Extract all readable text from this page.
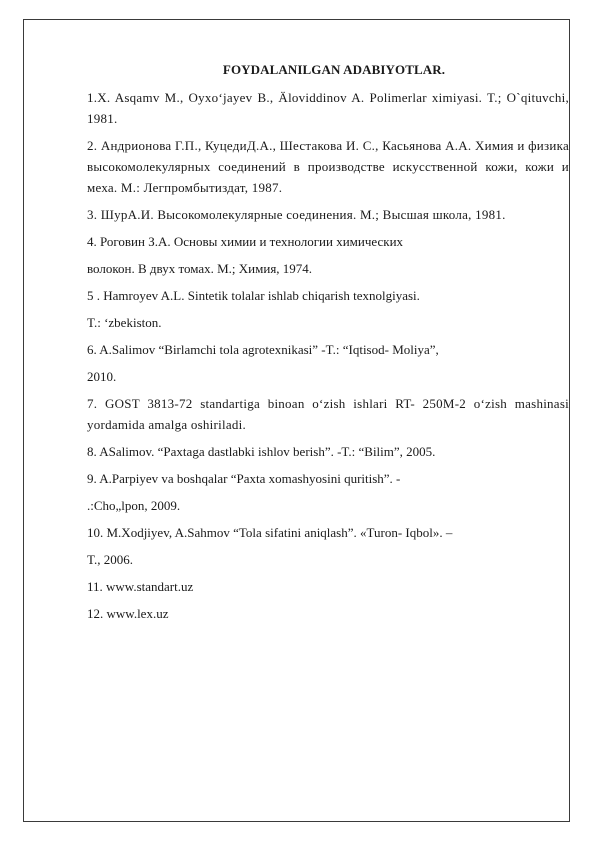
FOYDALANILGAN ADABIYOTLAR.

1.X. Asqamv M., Oyxo‘jayev B., Äloviddinov A. Polimerlar ximiyasi. T.; O`qituvchi, 1981.

2. Андрионова Г.П., КуцедиД.А., Шестакова И. С., Касьянова А.А. Химия и физика высокомолекулярных соединений в производстве искусственной кожи, кожи и меха. М.: Легпромбытиздат, 1987.

3. ШурА.И. Высокомолекулярные соединения. М.; Высшая школа, 1981.

4. Роговин З.А. Основы химии и технологии химических

волокон. В двух томах. М.; Химия, 1974.

5 . Hamroyev A.L. Sintetik tolalar ishlab chiqarish texnolgiyasi.

T.: ‘zbekiston.

6. A.Salimov “Birlamchi tola agrotexnikasi” -T.: “Iqtisod- Moliya”,

2010.

7. GOST 3813-72 standartiga binoan o‘zish ishlari RT- 250M-2 o‘zish mashinasi yordamida amalga oshiriladi.

8. ASalimov. “Paxtaga dastlabki ishlov berish”. -T.: “Bilim”, 2005.

9. A.Parpiyev va boshqalar “Paxta xomashyosini quritish”. -

.:Cho„lpon, 2009.

10. M.Xodjiyev, A.Sahmov “Tola sifatini aniqlash”. «Turon- Iqbol». –

T., 2006.

11. www.standart.uz

12. www.lex.uz
